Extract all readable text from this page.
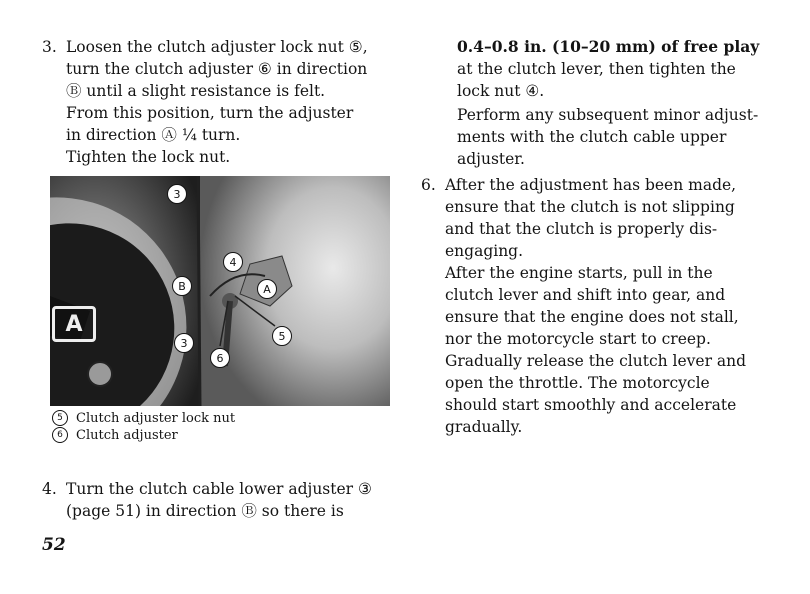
3. Loosen the clutch adjuster lock nut ⑤,

turn the clutch adjuster ⑥ in direction

Ⓑ until a slight resistance is felt.

From this position, turn the adjuster

in direction Ⓐ ¼ turn.

Tighten the lock nut.

3
4
B	A
5
6
3
A
5	Clutch adjuster lock nut
6	Clutch adjuster
4. Turn the clutch cable lower adjuster ③

(page 51) in direction Ⓑ so there is

52

0.4–0.8 in. (10–20 mm) of free play

at the clutch lever, then tighten the

lock nut ④.

Perform any subsequent minor adjust-

ments with the clutch cable upper

adjuster.

6. After the adjustment has been made,

ensure that the clutch is not slipping

and that the clutch is properly dis-

engaging.

After the engine starts, pull in the

clutch lever and shift into gear, and

ensure that the engine does not stall,

nor the motorcycle start to creep.

Gradually release the clutch lever and

open the throttle. The motorcycle

should start smoothly and accelerate

gradually.
